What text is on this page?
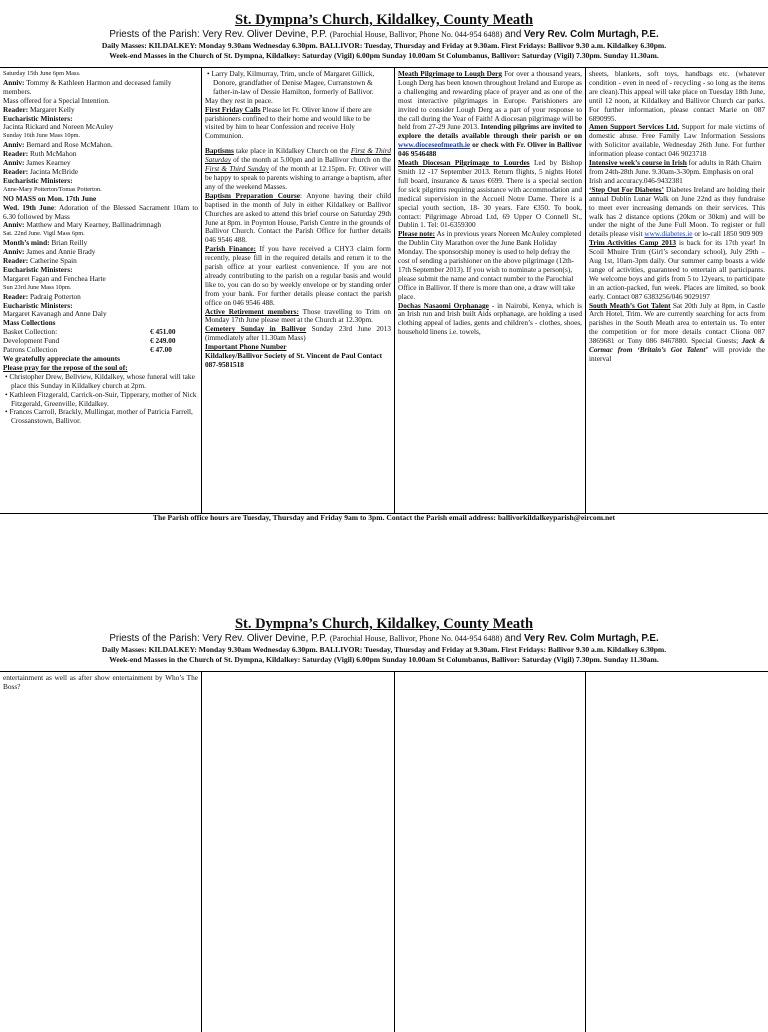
St. Dympna’s Church, Kildalkey, County Meath
Priests of the Parish: Very Rev. Oliver Devine, P.P. (Parochial House, Ballivor, Phone No. 044-954 6488) and Very Rev. Colm Murtagh, P.E.
Daily Masses: KILDALKEY: Monday 9.30am Wednesday 6.30pm. BALLIVOR: Tuesday, Thursday and Friday at 9.30am. First Fridays: Ballivor 9.30 a.m. Kildalkey 6.30pm.
Week-end Masses in the Church of St. Dympna, Kildalkey: Saturday (Vigil) 6.00pm Sunday 10.00am St Columbanus, Ballivor: Saturday (Vigil) 7.30pm. Sunday 11.30am.

Saturday 15th June 6pm Mass.

Anniv: Tommy & Kathleen Harmon and deceased family members.

Mass offered for a Special Intention.

Reader: Margaret Kelly

Eucharistic Ministers:

Jacinta Rickard and Noreen McAuley

Sunday 16th June Mass 10pm.

Anniv: Bernard and Rose McMahon.

Reader: Ruth McMahon

Anniv: James Kearney

Reader: Jacinta McBride

Eucharistic Ministers:

Anne-Mary Potterton/Tomas Potterton.

NO MASS on Mon. 17th June

Wed. 19th June: Adoration of the Blessed Sacrament 10am to 6.30 followed by Mass

Anniv: Matthew and Mary Kearney, Ballinadrimnagh

Sat. 22nd June. Vigil Mass 6pm.

Month’s mind: Brian Reilly

Anniv: James and Annie Brady

Reader: Catherine Spain

Eucharistic Ministers:

Margaret Fagan and Fenchea Harte

Sun 23rd June Mass 10pm.

Reader: Padraig Potterton

Eucharistic Ministers:

Margaret Kavanagh and Anne Daly

Mass Collections

Basket Collection:	€ 451.00
Development Fund	€ 249.00
Patrons Collection	€ 47.00

We gratefully appreciate the amounts

Please pray for the repose of the soul of:

• Christopher Drew, Bellview, Kildalkey, whose funeral will take place this Sunday in Kildalkey church at 2pm.

• Kathleen Fitzgerald, Carrick-on-Suir, Tipperary, mother of Nick Fitzgerald, Greenville, Kildalkey.

• Frances Carroll, Brackly, Mullingar, mother of Patricia Farrell, Crossanstown, Ballivor.

• Larry Daly, Kilmurray, Trim, uncle of Margaret Gillick, Donore, grandfather of Denise Magee, Curranstown & father-in-law of Dessie Hamilton, formerly of Ballivor.

May they rest in peace.

First Friday Calls Please let Fr. Oliver know if there are parishioners confined to their home and would like to be visited by him to hear Confession and receive Holy Communion.

Baptisms take place in Kildalkey Church on the First & Third Saturday of the month at 5.00pm and in Ballivor church on the First & Third Sunday of the month at 12.15pm. Fr. Oliver will be happy to speak to parents wishing to arrange a baptism, after any of the weekend Masses.

Baptism Preparation Course: Anyone having their child baptised in the month of July in either Kildalkey or Ballivor Churches are asked to attend this brief course on Saturday 29th June at 8pm. in Poynton House, Parish Centre in the grounds of Ballivor Church. Contact the Parish Office for further details 046 9546 488.

Parish Finance: If you have received a CHY3 claim form recently, please fill in the required details and return it to the parish office at your earliest convenience. If you are not already contributing to the parish on a regular basis and would like to, you can do so by weekly envelope or by standing order from your bank. For further details please contact the parish office on 046 9546 488.

Active Retirement members: Those travelling to Trim on Monday 17th June please meet at the Church at 12.30pm.

Cemetery Sunday in Ballivor Sunday 23rd June 2013 (immediately after 11.30am Mass)

Important Phone Number

Kildalkey/Ballivor Society of St. Vincent de Paul Contact 087-9581518

Meath Pilgrimage to Lough Derg For over a thousand years, Lough Derg has been known throughout Ireland and Europe as a challenging and rewarding place of prayer and as one of the most interactive pilgrimages in Europe. Parishioners are invited to consider Lough Derg as a part of your response to the call during the Year of Faith! A diocesan pilgrimage will be held from 27-29 June 2013. Intending pilgrims are invited to explore the details available through their parish or on www.dioceseofmeath.ie or check with Fr. Oliver in Ballivor 046 9546488

Meath Diocesan Pilgrimage to Lourdes Led by Bishop Smith 12 -17 September 2013. Return flights, 5 nights Hotel full board, insurance & taxes €699. There is a special section for sick pilgrims requiring assistance with accommodation and medical supervision in the Accueil Notre Dame. There is a special youth section, 18- 30 years. Fare €350. To book, contact: Pilgrimage Abroad Ltd, 69 Upper O Connell St., Dublin 1. Tel: 01-6359300

Please note: As in previous years Noreen McAuley completed the Dublin City Marathon over the June Bank Holiday Monday. The sponsorship money is used to help defray the cost of sending a parishioner on the above pilgrimage (12th-17th September 2013). If you wish to nominate a person(s), please submit the name and contact number to the Parochial Office in Ballivor. If there is more than one, a draw will take place.

Dochas Nasaomi Orphanage - in Nairobi, Kenya, which is an Irish run and Irish built Aids orphanage, are holding a used clothing appeal of ladies, gents and children’s - clothes, shoes, household linens i.e. towels,

sheets, blankets, soft toys, handbags etc. (whatever condition - even in need of - recycling - so long as the items are clean).This appeal will take place on Tuesday 18th June, until 12 noon, at Kildalkey and Ballivor Church car parks. For further information, please contact Marie on 087 6890995.

Amen Support Services Ltd. Support for male victims of domestic abuse. Free Family Law Information Sessions with Solicitor available, Wednesday 26th June. For further information please contact 046 9023718

Intensive week’s course in Irish for adults in Ráth Chairn from 24th-28th June. 9.30am-3-30pm. Emphasis on oral Irish and accuracy.046-9432381

‘Step Out For Diabetes’ Diabetes Ireland are holding their annual Dublin Lunar Walk on June 22nd as they fundraise to meet ever increasing demands on their services. This walk has 2 distance options (20km or 30km) and will be under the night of the June Full Moon. To register or full details please visit www.diabetes.ie or lo-call 1850 909 909

Trim Activities Camp 2013 is back for its 17th year! In Scoil Mhuire Trim (Girl’s secondary school), July 29th –Aug 1st, 10am-3pm daily. Our summer camp boasts a wide range of activities, guaranteed to entertain all participants. We welcome boys and girls from 5 to 12years, to participate in an action-packed, fun week. Places are limited, so book early. Contact 087 6383256/046 9029197

South Meath’s Got Talent Sat 20th July at 8pm, in Castle Arch Hotel, Trim. We are currently searching for acts from parishes in the South Meath area to entertain us. To enter the competition or for more details contact Cliona 087 3869681 or Tony 086 8467880. Special Guests; Jack & Cormac from ‘Britain’s Got Talent’ will provide the interval

The Parish office hours are Tuesday, Thursday and Friday 9am to 3pm. Contact the Parish email address: ballivorkildalkeyparish@eircom.net
St. Dympna’s Church, Kildalkey, County Meath
Priests of the Parish: Very Rev. Oliver Devine, P.P. (Parochial House, Ballivor, Phone No. 044-954 6488) and Very Rev. Colm Murtagh, P.E.
Daily Masses: KILDALKEY: Monday 9.30am Wednesday 6.30pm. BALLIVOR: Tuesday, Thursday and Friday at 9.30am. First Fridays: Ballivor 9.30 a.m. Kildalkey 6.30pm.
Week-end Masses in the Church of St. Dympna, Kildalkey: Saturday (Vigil) 6.00pm Sunday 10.00am St Columbanus, Ballivor: Saturday (Vigil) 7.30pm. Sunday 11.30am.

entertainment as well as after show entertainment by Who’s The Boss?
